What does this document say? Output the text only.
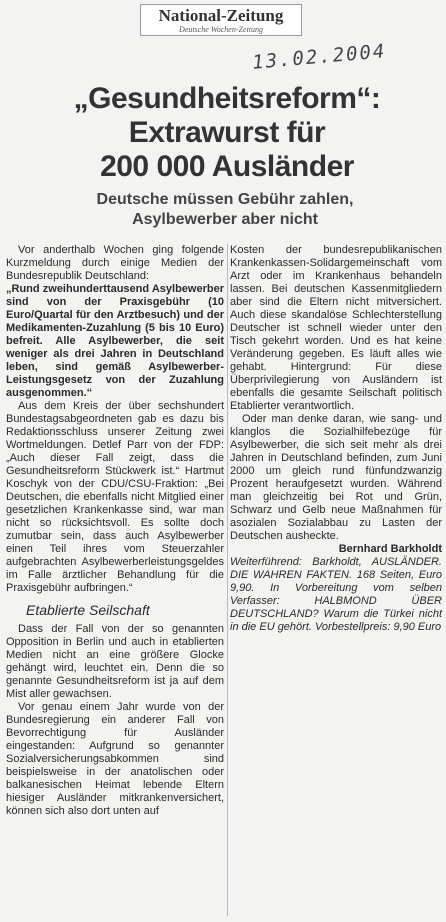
National-Zeitung
Deutsche Wochen-Zeitung
13.02.2004
„Gesundheitsreform“:
Extrawurst für
200 000 Ausländer
Deutsche müssen Gebühr zahlen,
Asylbewerber aber nicht

Vor anderthalb Wochen ging folgende Kurzmeldung durch einige Medien der Bundesrepublik Deutschland:

„Rund zweihunderttausend Asylbewerber sind von der Praxisgebühr (10 Euro/Quartal für den Arztbesuch) und der Medikamenten-Zuzahlung (5 bis 10 Euro) befreit. Alle Asylbewerber, die seit weniger als drei Jahren in Deutschland leben, sind gemäß Asylbewerber-Leistungsgesetz von der Zuzahlung ausgenommen.“

Aus dem Kreis der über sechshundert Bundestagsabgeordneten gab es dazu bis Redaktionsschluss unserer Zeitung zwei Wortmeldungen. Detlef Parr von der FDP: „Auch dieser Fall zeigt, dass die Gesundheitsreform Stückwerk ist.“ Hartmut Koschyk von der CDU/CSU-Fraktion: „Bei Deutschen, die ebenfalls nicht Mitglied einer gesetzlichen Krankenkasse sind, war man nicht so rücksichtsvoll. Es sollte doch zumutbar sein, dass auch Asylbewerber einen Teil ihres vom Steuerzahler aufgebrachten Asylbewerberleistungsgeldes im Falle ärztlicher Behandlung für die Praxisgebühr aufbringen.“

Etablierte Seilschaft

Dass der Fall von der so genannten Opposition in Berlin und auch in etablierten Medien nicht an eine größere Glocke gehängt wird, leuchtet ein. Denn die so genannte Gesundheitsreform ist ja auf dem Mist aller gewachsen.

Vor genau einem Jahr wurde von der Bundesregierung ein anderer Fall von Bevorrechtigung für Ausländer eingestanden: Aufgrund so genannter Sozialversicherungsabkommen sind beispielsweise in der anatolischen oder balkanesischen Heimat lebende Eltern hiesiger Ausländer mitkrankenversichert, können sich also dort unten auf

Kosten der bundesrepublikanischen Krankenkassen-Solidargemeinschaft vom Arzt oder im Krankenhaus behandeln lassen. Bei deutschen Kassenmitgliedern aber sind die Eltern nicht mitversichert. Auch diese skandalöse Schlechterstellung Deutscher ist schnell wieder unter den Tisch gekehrt worden. Und es hat keine Veränderung gegeben. Es läuft alles wie gehabt. Hintergrund: Für diese Überprivilegierung von Ausländern ist ebenfalls die gesamte Seilschaft politisch Etablierter verantwortlich.

Oder man denke daran, wie sang- und klanglos die Sozialhilfebezüge für Asylbewerber, die sich seit mehr als drei Jahren in Deutschland befinden, zum Juni 2000 um gleich rund fünfundzwanzig Prozent heraufgesetzt wurden. Während man gleichzeitig bei Rot und Grün, Schwarz und Gelb neue Maßnahmen für asozialen Sozialabbau zu Lasten der Deutschen ausheckte.

Bernhard Barkholdt

Weiterführend: Barkholdt, AUSLÄNDER. DIE WAHREN FAKTEN. 168 Seiten, Euro 9,90. In Vorbereitung vom selben Verfasser: HALBMOND ÜBER DEUTSCHLAND? Warum die Türkei nicht in die EU gehört. Vorbestellpreis: 9,90 Euro
